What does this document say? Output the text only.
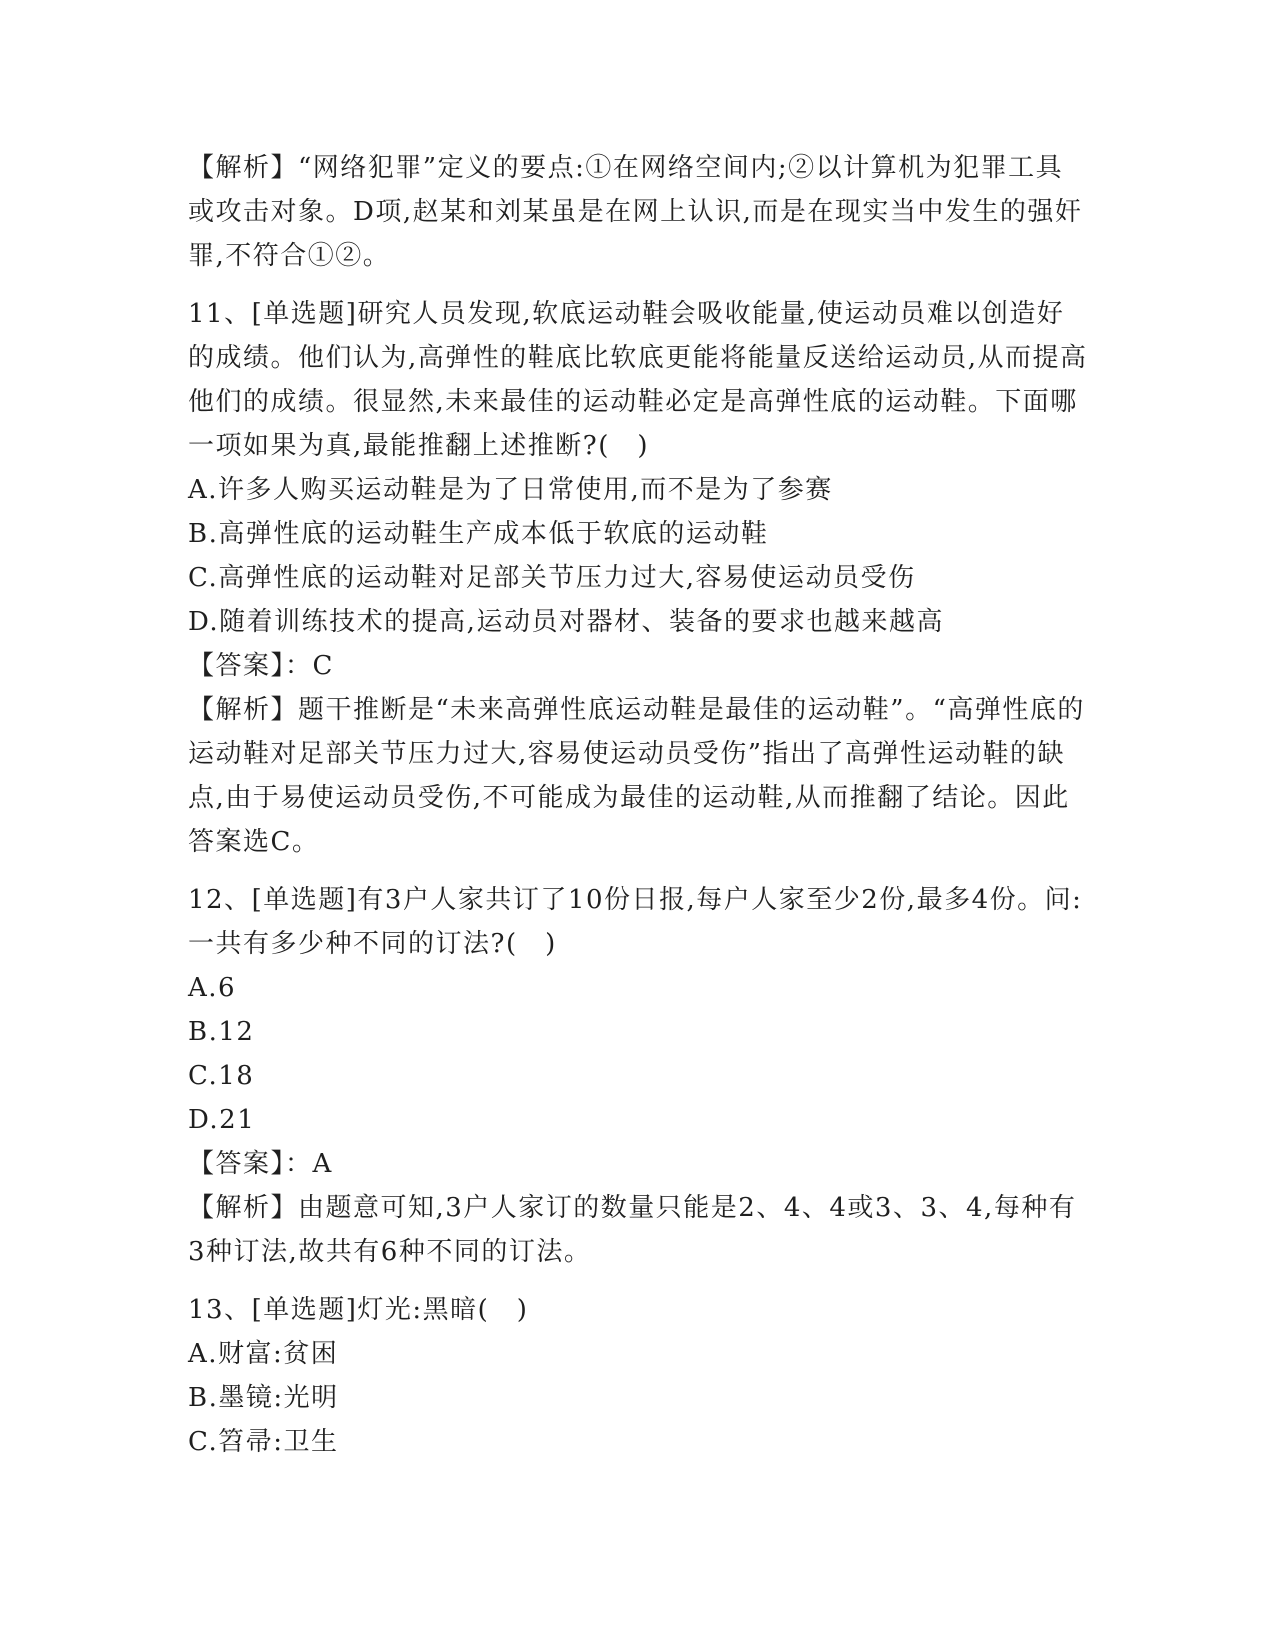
【解析】“网络犯罪”定义的要点:①在网络空间内;②以计算机为犯罪工具或攻击对象。D项,赵某和刘某虽是在网上认识,而是在现实当中发生的强奸罪,不符合①②。

11、[单选题]研究人员发现,软底运动鞋会吸收能量,使运动员难以创造好的成绩。他们认为,高弹性的鞋底比软底更能将能量反送给运动员,从而提高他们的成绩。很显然,未来最佳的运动鞋必定是高弹性底的运动鞋。下面哪一项如果为真,最能推翻上述推断?(　)

A.许多人购买运动鞋是为了日常使用,而不是为了参赛

B.高弹性底的运动鞋生产成本低于软底的运动鞋

C.高弹性底的运动鞋对足部关节压力过大,容易使运动员受伤

D.随着训练技术的提高,运动员对器材、装备的要求也越来越高

【答案】：C

【解析】题干推断是“未来高弹性底运动鞋是最佳的运动鞋”。“高弹性底的运动鞋对足部关节压力过大,容易使运动员受伤”指出了高弹性运动鞋的缺点,由于易使运动员受伤,不可能成为最佳的运动鞋,从而推翻了结论。因此答案选C。

12、[单选题]有3户人家共订了10份日报,每户人家至少2份,最多4份。问:一共有多少种不同的订法?(　)

A.6

B.12

C.18

D.21

【答案】：A

【解析】由题意可知,3户人家订的数量只能是2、4、4或3、3、4,每种有3种订法,故共有6种不同的订法。

13、[单选题]灯光:黑暗(　)

A.财富:贫困

B.墨镜:光明

C.笤帚:卫生
